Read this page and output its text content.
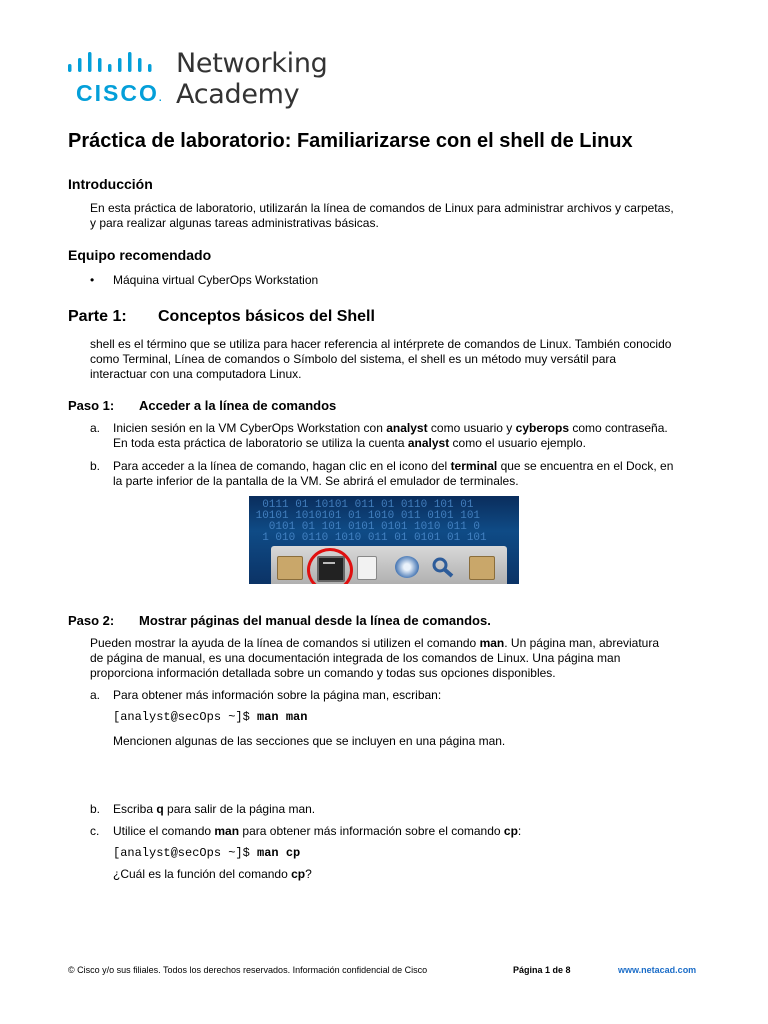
CISCO.
Networking
Academy
Práctica de laboratorio: Familiarizarse con el shell de Linux
Introducción
En esta práctica de laboratorio, utilizarán la línea de comandos de Linux para administrar archivos y carpetas,
y para realizar algunas tareas administrativas básicas.
Equipo recomendado
• Máquina virtual CyberOps Workstation
Parte 1: Conceptos básicos del Shell
shell es el término que se utiliza para hacer referencia al intérprete de comandos de Linux. También conocido
como Terminal, Línea de comandos o Símbolo del sistema, el shell es un método muy versátil para
interactuar con una computadora Linux.
Paso 1: Acceder a la línea de comandos
a. Inicien sesión en la VM CyberOps Workstation con analyst como usuario y cyberops como contraseña.
En toda esta práctica de laboratorio se utiliza la cuenta analyst como el usuario ejemplo.
b. Para acceder a la línea de comando, hagan clic en el icono del terminal que se encuentra en el Dock, en
la parte inferior de la pantalla de la VM. Se abrirá el emulador de terminales.
0111 01 10101 011 01 0110 101 01
10101 1010101 01 1010 011 0101 101
0101 01 101 0101 0101 1010 011 0
1 010 0110 1010 011 01 0101 01 101
Paso 2: Mostrar páginas del manual desde la línea de comandos.
Pueden mostrar la ayuda de la línea de comandos si utilizen el comando man. Un página man, abreviatura
de página de manual, es una documentación integrada de los comandos de Linux. Una página man
proporciona información detallada sobre un comando y todas sus opciones disponibles.
a. Para obtener más información sobre la página man, escriban:
[analyst@secOps ~]$ man man
Mencionen algunas de las secciones que se incluyen en una página man.
b. Escriba q para salir de la página man.
c. Utilice el comando man para obtener más información sobre el comando cp:
[analyst@secOps ~]$ man cp
¿Cuál es la función del comando cp?
© Cisco y/o sus filiales. Todos los derechos reservados. Información confidencial de Cisco	Página 1 de 8	www.netacad.com
